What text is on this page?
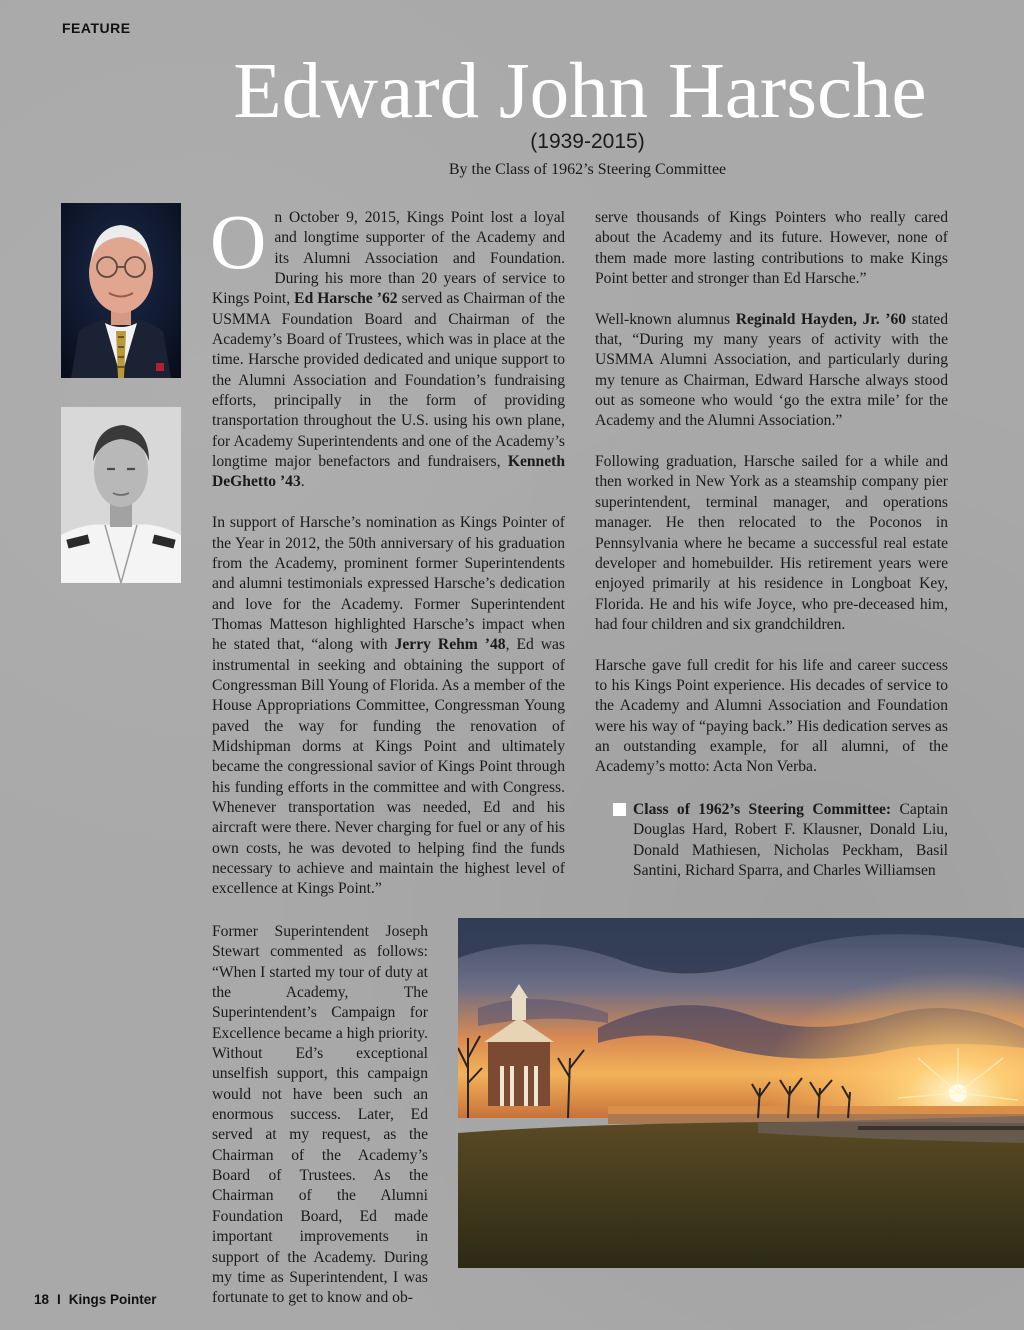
FEATURE
Edward John Harsche
(1939-2015)
By the Class of 1962’s Steering Committee

On October 9, 2015, Kings Point lost a loyal and longtime supporter of the Academy and its Alumni Association and Foundation. During his more than 20 years of service to Kings Point, Ed Harsche ’62 served as Chairman of the USMMA Foundation Board and Chairman of the Academy’s Board of Trustees, which was in place at the time. Harsche provided dedicated and unique support to the Alumni Association and Foundation’s fundraising efforts, principally in the form of providing transportation throughout the U.S. using his own plane, for Academy Superintendents and one of the Academy’s longtime major benefactors and fundraisers, Kenneth DeGhetto ’43.

In support of Harsche’s nomination as Kings Pointer of the Year in 2012, the 50th anniversary of his graduation from the Academy, prominent former Superintendents and alumni testimonials expressed Harsche’s dedication and love for the Academy. Former Superintendent Thomas Matteson highlighted Harsche’s impact when he stated that, “along with Jerry Rehm ’48, Ed was instrumental in seeking and obtaining the support of Congressman Bill Young of Florida. As a member of the House Appropriations Committee, Congressman Young paved the way for funding the renovation of Midshipman dorms at Kings Point and ultimately became the congressional savior of Kings Point through his funding efforts in the committee and with Congress. Whenever transportation was needed, Ed and his aircraft were there. Never charging for fuel or any of his own costs, he was devoted to helping find the funds necessary to achieve and maintain the highest level of excellence at Kings Point.”

Former Superintendent Joseph Stewart commented as follows: “When I started my tour of duty at the Academy, The Superintendent’s Campaign for Excellence became a high priority. Without Ed’s exceptional unselfish support, this campaign would not have been such an enormous success. Later, Ed served at my request, as the Chairman of the Academy’s Board of Trustees. As the Chairman of the Alumni Foundation Board, Ed made important improvements in support of the Academy. During my time as Superintendent, I was fortunate to get to know and ob-

serve thousands of Kings Pointers who really cared about the Academy and its future. However, none of them made more lasting contributions to make Kings Point better and stronger than Ed Harsche.”

Well-known alumnus Reginald Hayden, Jr. ’60 stated that, “During my many years of activity with the USMMA Alumni Association, and particularly during my tenure as Chairman, Edward Harsche always stood out as someone who would ‘go the extra mile’ for the Academy and the Alumni Association.”

Following graduation, Harsche sailed for a while and then worked in New York as a steamship company pier superintendent, terminal manager, and operations manager. He then relocated to the Poconos in Pennsylvania where he became a successful real estate developer and homebuilder. His retirement years were enjoyed primarily at his residence in Longboat Key, Florida. He and his wife Joyce, who pre-deceased him, had four children and six grandchildren.

Harsche gave full credit for his life and career success to his Kings Point experience. His decades of service to the Academy and Alumni Association and Foundation were his way of “paying back.” His dedication serves as an outstanding example, for all alumni, of the Academy’s motto: Acta Non Verba.

Class of 1962’s Steering Committee: Captain Douglas Hard, Robert F. Klausner, Donald Liu, Donald Mathiesen, Nicholas Peckham, Basil Santini, Richard Sparra, and Charles Williamsen
18 I Kings Pointer
